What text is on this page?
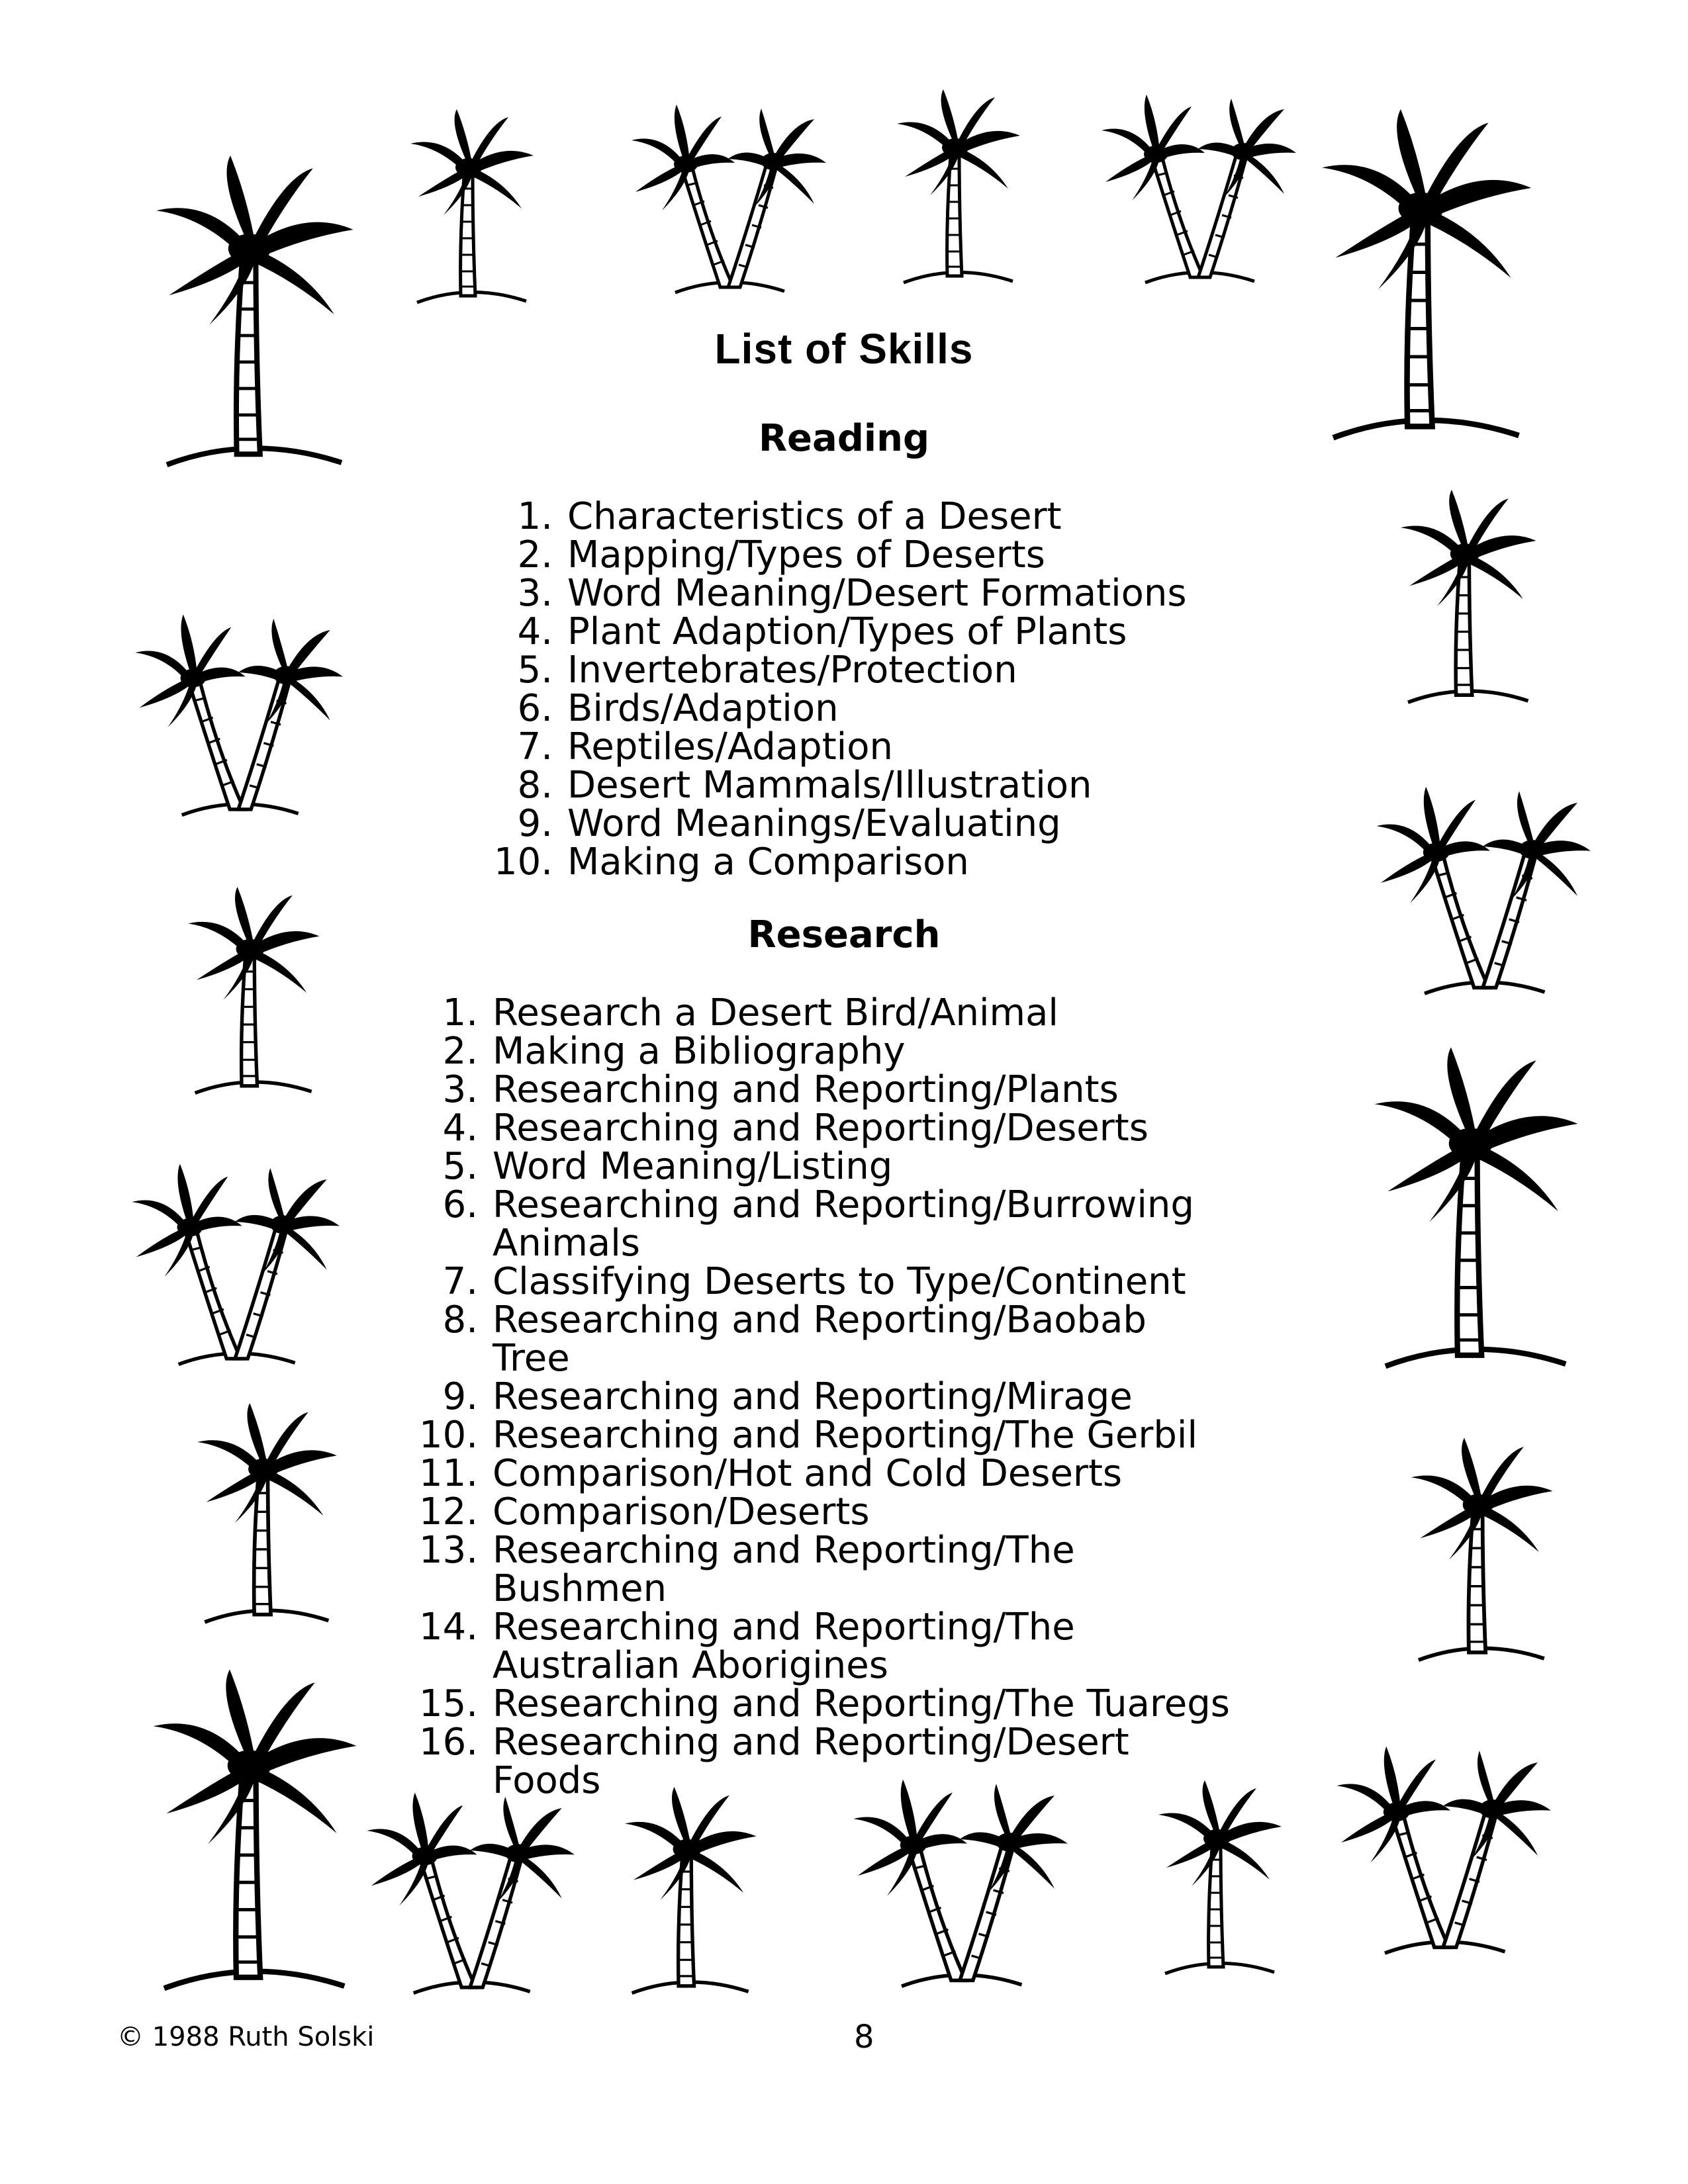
List of Skills
Reading
1. Characteristics of a Desert
2. Mapping/Types of Deserts
3. Word Meaning/Desert Formations
4. Plant Adaption/Types of Plants
5. Invertebrates/Protection
6. Birds/Adaption
7. Reptiles/Adaption
8. Desert Mammals/Illustration
9. Word Meanings/Evaluating
10. Making a Comparison
Research
1. Research a Desert Bird/Animal
2. Making a Bibliography
3. Researching and Reporting/Plants
4. Researching and Reporting/Deserts
5. Word Meaning/Listing
6. Researching and Reporting/Burrowing
Animals
7. Classifying Deserts to Type/Continent
8. Researching and Reporting/Baobab
Tree
9. Researching and Reporting/Mirage
10. Researching and Reporting/The Gerbil
11. Comparison/Hot and Cold Deserts
12. Comparison/Deserts
13. Researching and Reporting/The
Bushmen
14. Researching and Reporting/The
Australian Aborigines
15. Researching and Reporting/The Tuaregs
16. Researching and Reporting/Desert
Foods
© 1988 Ruth Solski	8
